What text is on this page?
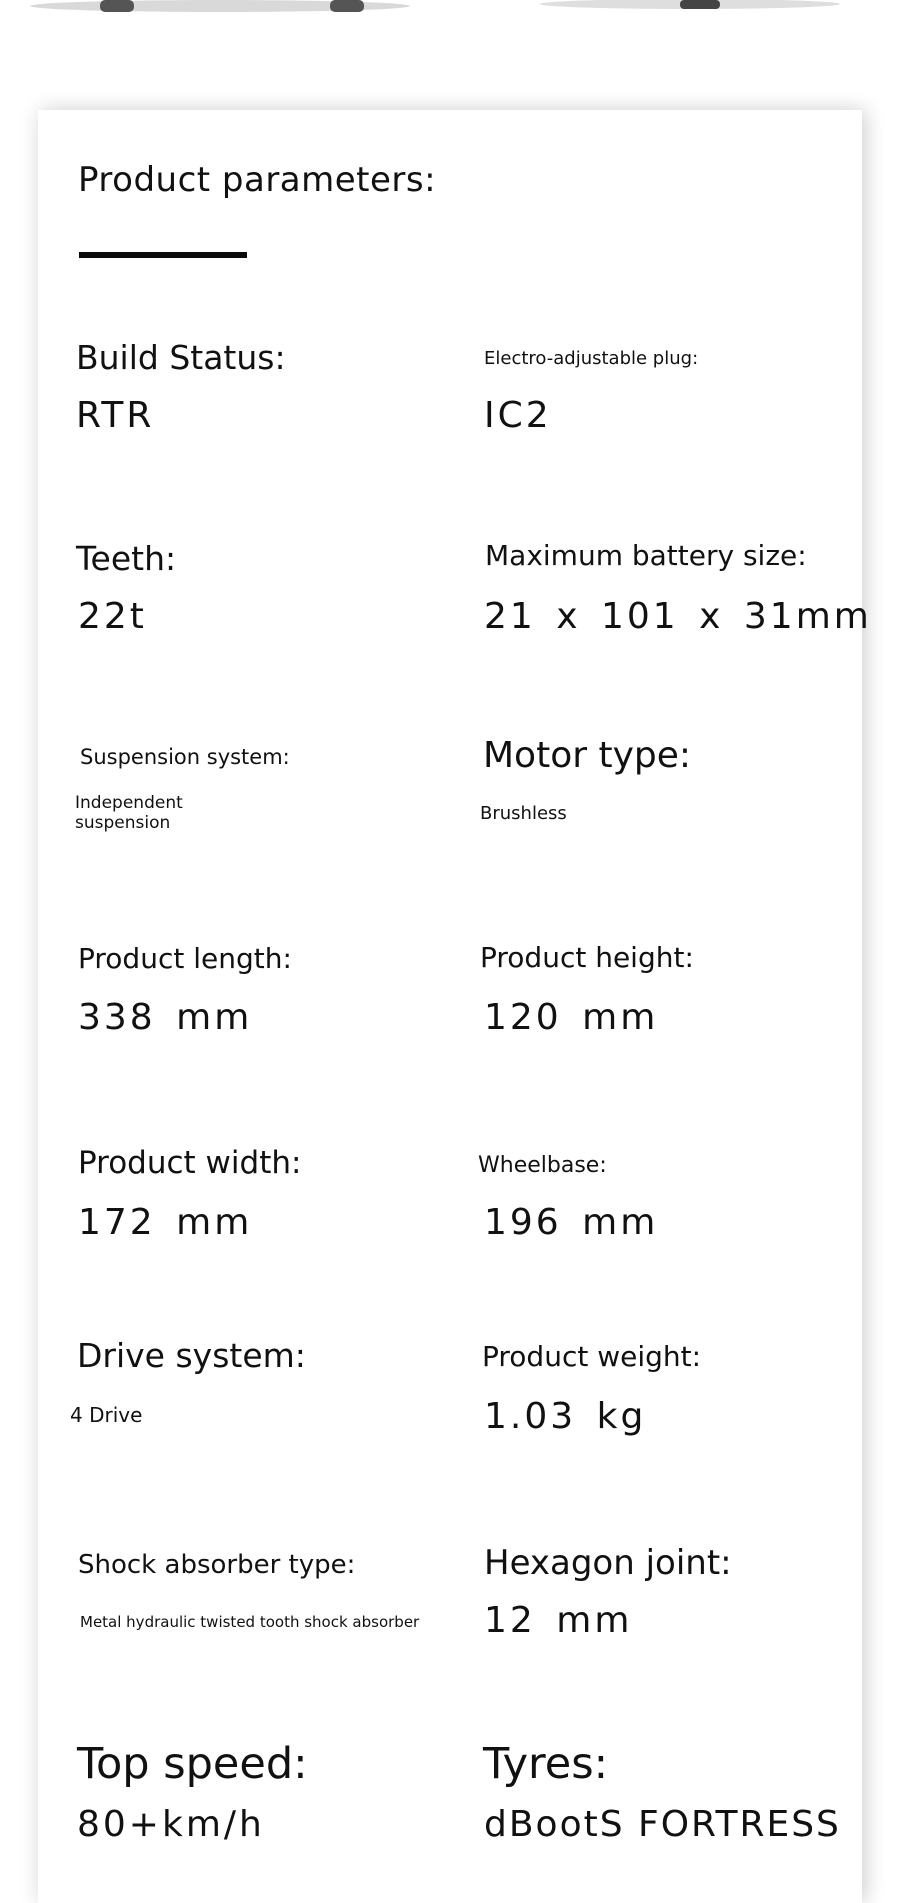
Product parameters:
Build Status:
RTR
Electro-adjustable plug:
IC2
Teeth:
22t
Maximum battery size:
21 x 101 x 31mm
Suspension system:
Independent suspension
Motor type:
Brushless
Product length:
338 mm
Product height:
120 mm
Product width:
172 mm
Wheelbase:
196 mm
Drive system:
4 Drive
Product weight:
1.03 kg
Shock absorber type:
Metal hydraulic twisted tooth shock absorber
Hexagon joint:
12 mm
Top speed:
80+km/h
Tyres:
dBootS FORTRESS
